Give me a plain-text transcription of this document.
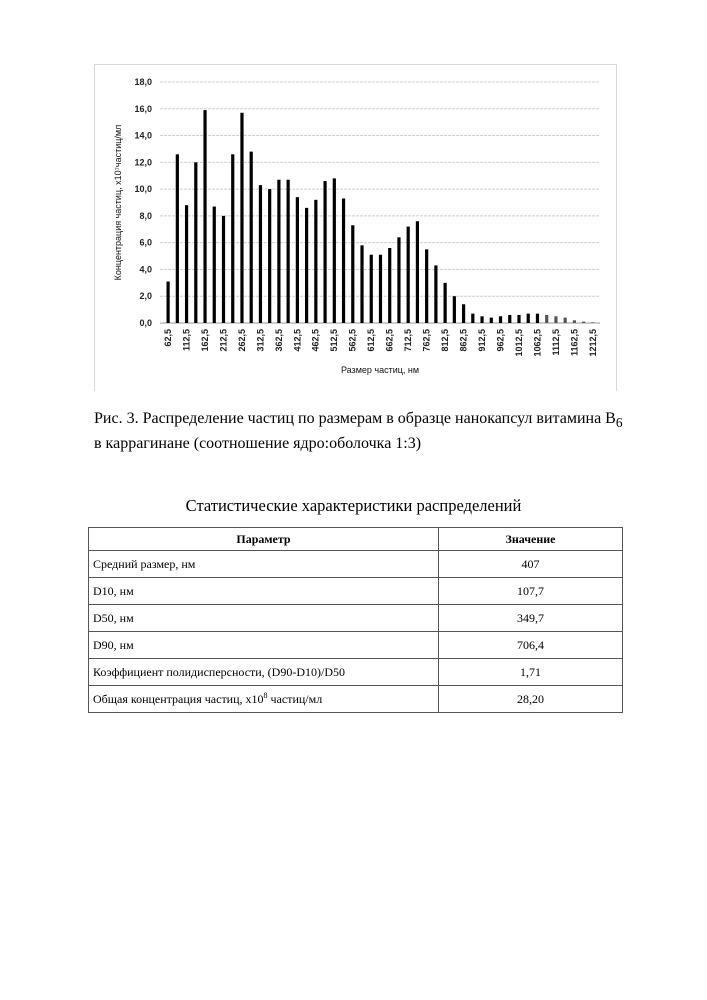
0,0
2,0
4,0
6,0
8,0
10,0
12,0
14,0
16,0
18,0
62,5 112,5 162,5 212,5 262,5 312,5 362,5 412,5 462,5 512,5 562,5 612,5 662,5 712,5 762,5 812,5 862,5 912,5 962,5 1012,5 1062,5 1112,5 1162,5 1212,5
Размер частиц, нм
Концентрация частиц, х10⁷частиц/мл
Рис. 3. Распределение частиц по размерам в образце нанокапсул витамина $B_6$
в каррагинане (соотношение ядро:оболочка 1:3)
Статистические характеристики распределений
Параметр	Значение
Средний размер, нм	407
D10, нм	107,7
D50, нм	349,7
D90, нм	706,4
Коэффициент полидисперсности, (D90-D10)/D50	1,71
Общая концентрация частиц, $х10^8$ частиц/мл	28,20
